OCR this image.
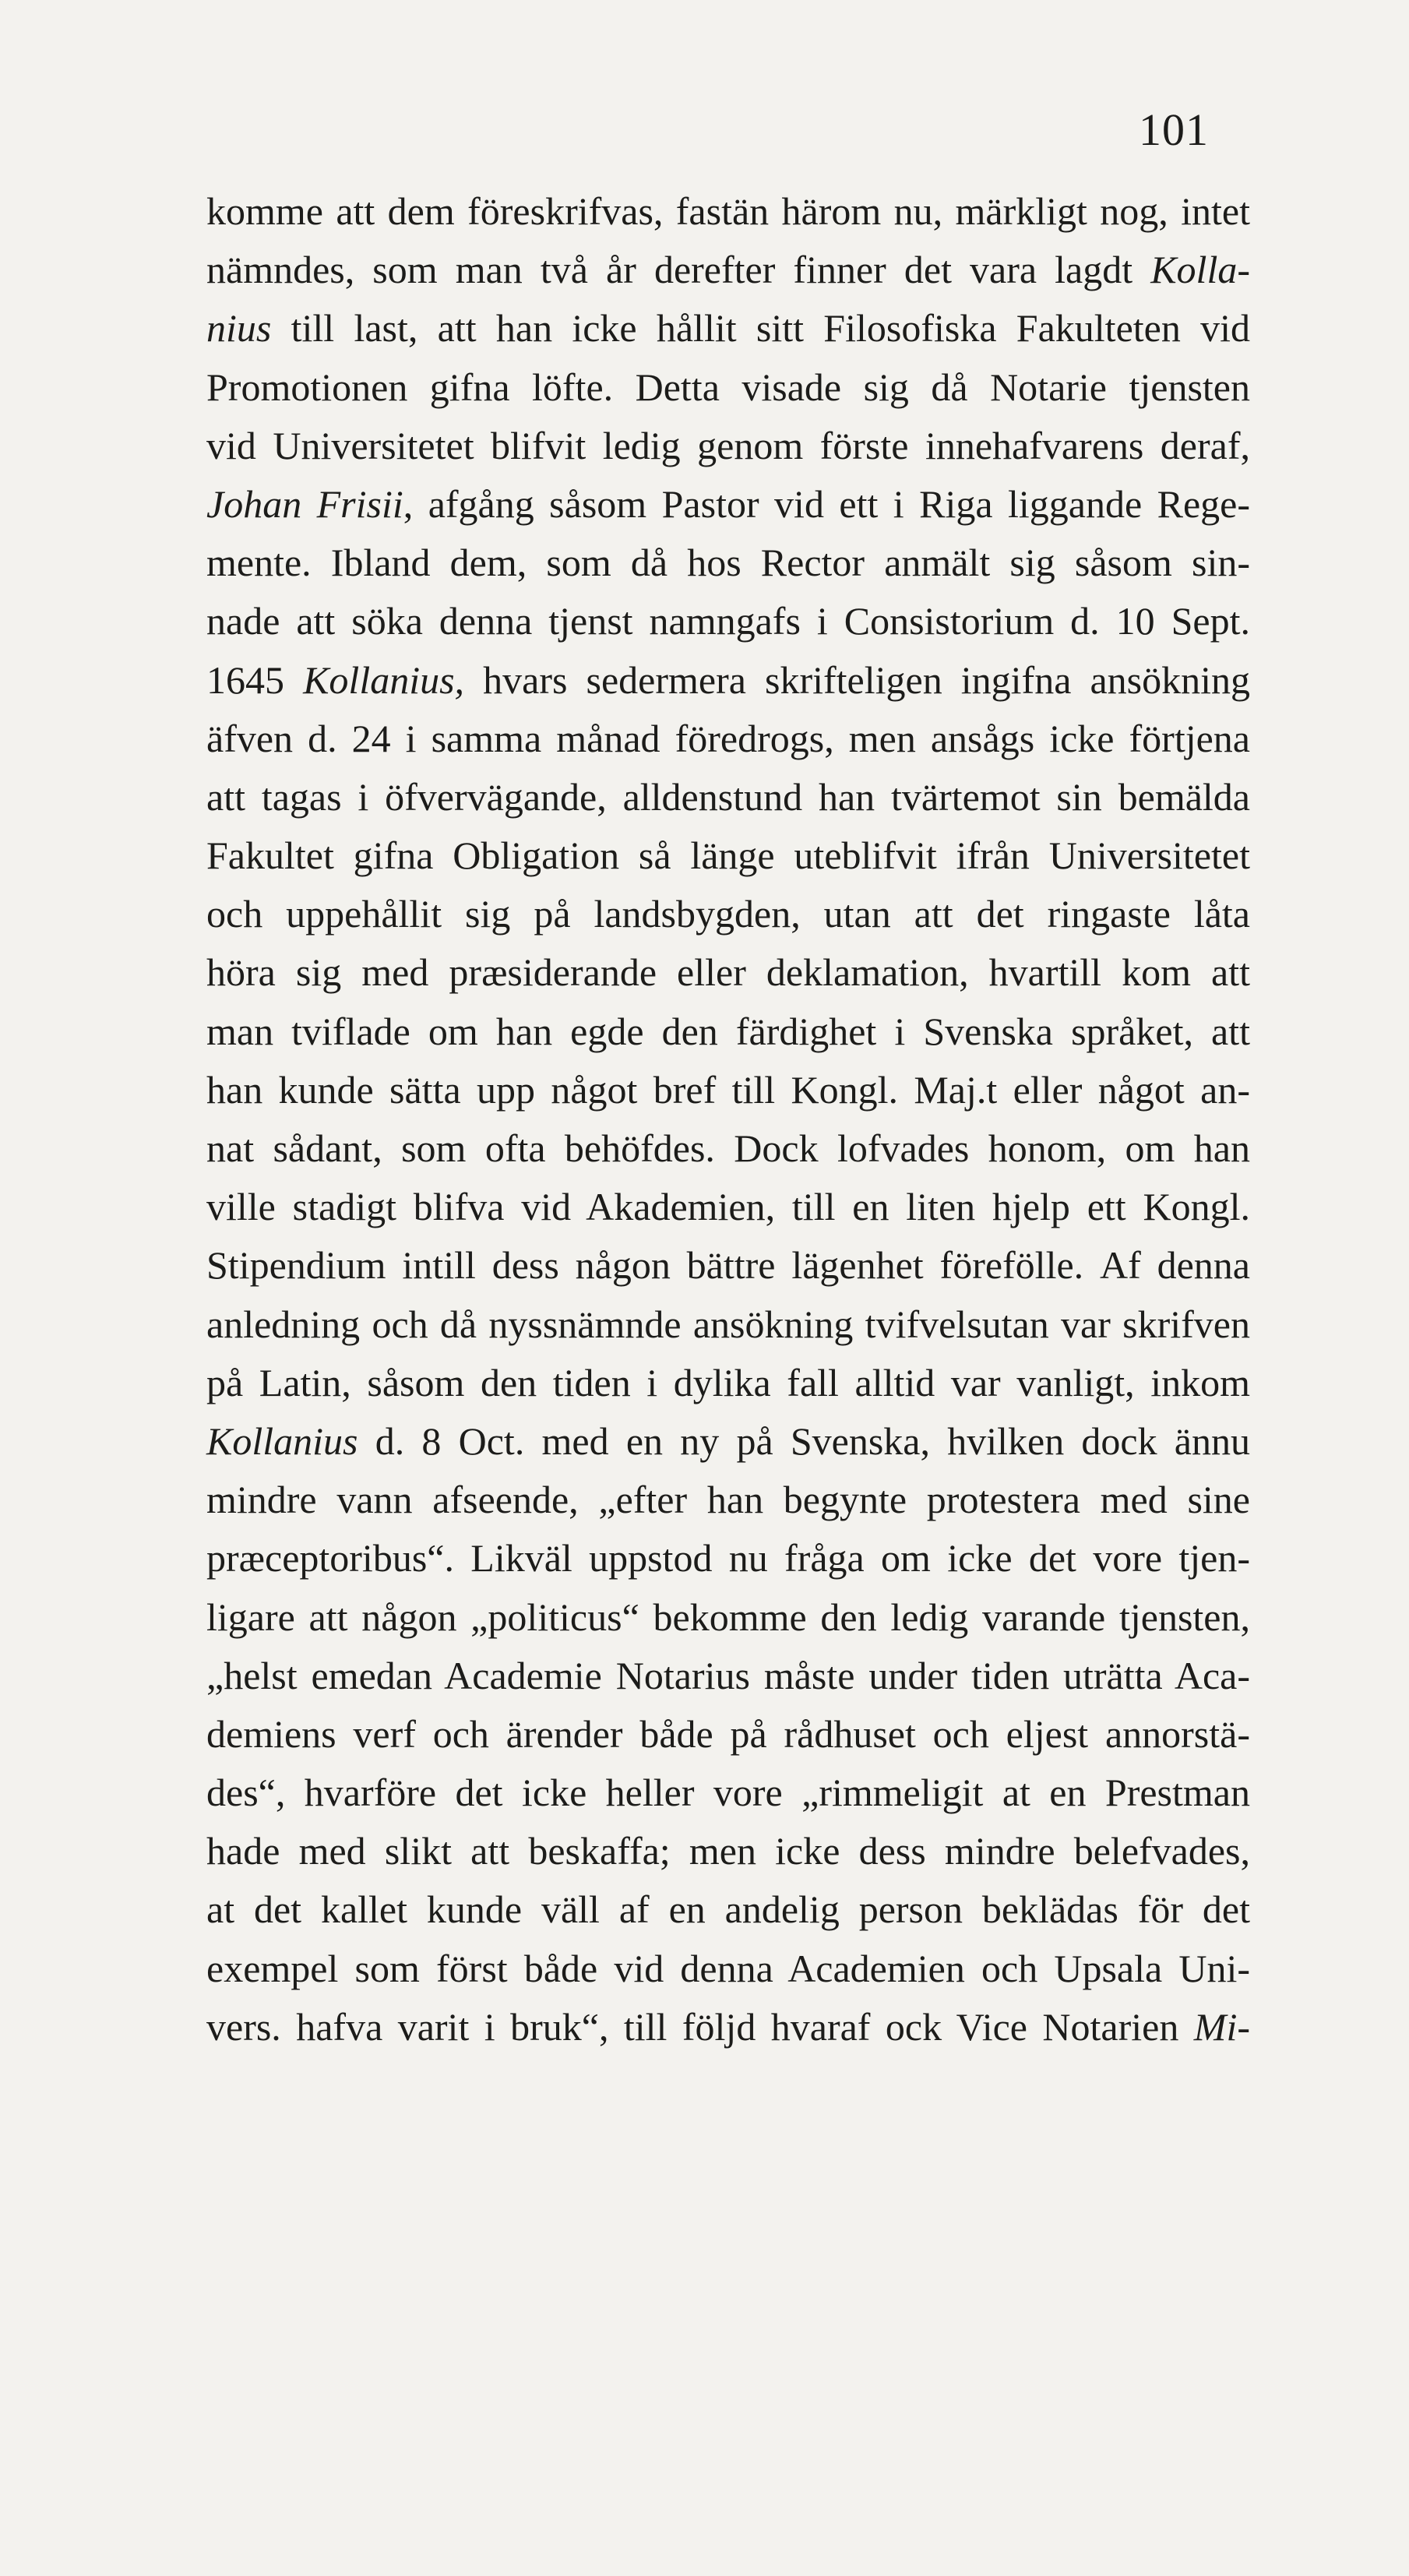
101
komme att dem föreskrifvas, fastän härom nu, märkligt nog, intet
nämndes, som man två år derefter finner det vara lagdt Kolla-
nius till last, att han icke hållit sitt Filosofiska Fakulteten vid
Promotionen gifna löfte. Detta visade sig då Notarie tjensten
vid Universitetet blifvit ledig genom förste innehafvarens deraf,
Johan Frisii, afgång såsom Pastor vid ett i Riga liggande Rege-
mente. Ibland dem, som då hos Rector anmält sig såsom sin-
nade att söka denna tjenst namngafs i Consistorium d. 10 Sept.
1645 Kollanius, hvars sedermera skrifteligen ingifna ansökning
äfven d. 24 i samma månad föredrogs, men ansågs icke förtjena
att tagas i öfvervägande, alldenstund han tvärtemot sin bemälda
Fakultet gifna Obligation så länge uteblifvit ifrån Universitetet
och uppehållit sig på landsbygden, utan att det ringaste låta
höra sig med præsiderande eller deklamation, hvartill kom att
man tviflade om han egde den färdighet i Svenska språket, att
han kunde sätta upp något bref till Kongl. Maj.t eller något an-
nat sådant, som ofta behöfdes. Dock lofvades honom, om han
ville stadigt blifva vid Akademien, till en liten hjelp ett Kongl.
Stipendium intill dess någon bättre lägenhet föreföllе. Af denna
anledning och då nyssnämnde ansökning tvifvelsutan var skrifven
på Latin, såsom den tiden i dylika fall alltid var vanligt, inkom
Kollanius d. 8 Oct. med en ny på Svenska, hvilken dock ännu
mindre vann afseende, „efter han begynte protestera med sine
præceptoribus“. Likväl uppstod nu fråga om icke det vore tjen-
ligare att någon „politicus“ bekomme den ledig varande tjensten,
„helst emedan Academie Notarius måste under tiden uträtta Aca-
demiens verf och ärender både på rådhuset och eljest annorstä-
des“, hvarföre det icke heller vore „rimmeligit at en Prestman
hade med slikt att beskaffa; men icke dess mindre belefvades,
at det kallet kunde väll af en andelig person beklädas för det
exempel som först både vid denna Academien och Upsala Uni-
vers. hafva varit i bruk“, till följd hvaraf ock Vice Notarien Mi-
